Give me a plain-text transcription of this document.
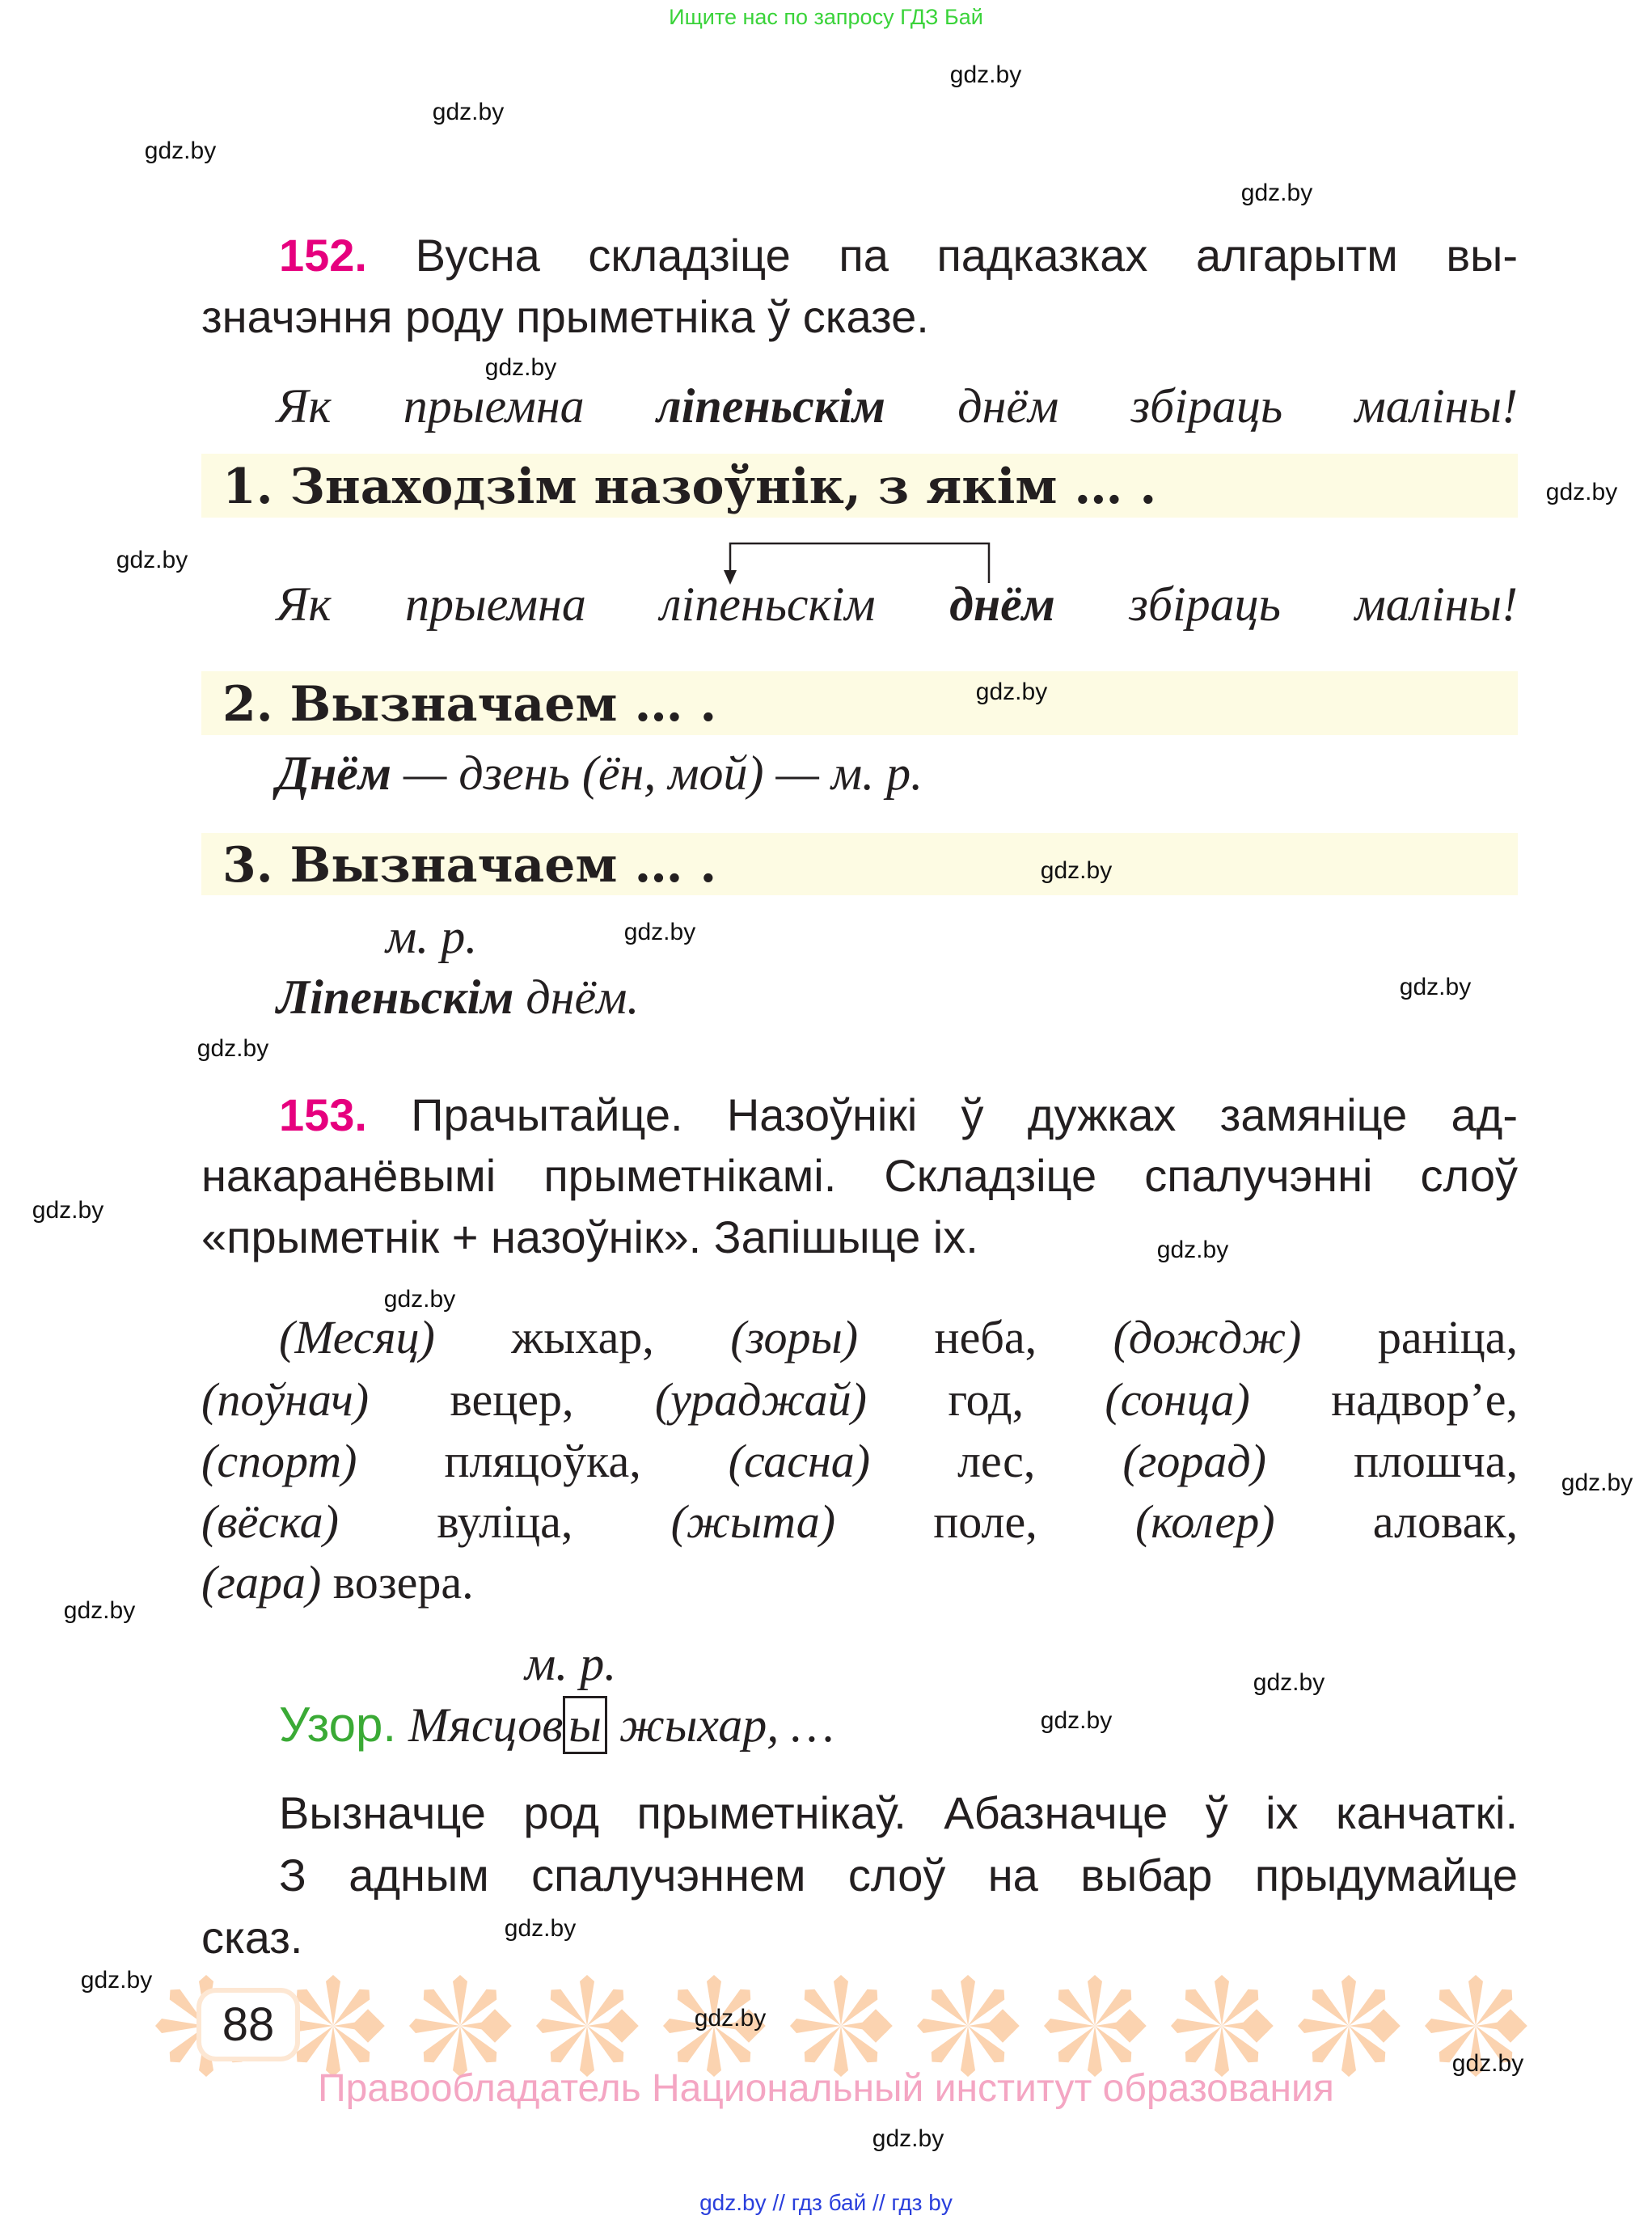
Ищите нас по запросу ГДЗ Бай
152. Вусна складзіце па падказках алгарытм вы-
значэння роду прыметніка ў сказе.
Як прыемна ліпеньскім днём збіраць маліны!
1. Знаходзім назоўнік, з якім … .
Як прыемна ліпеньскім днём збіраць маліны!
2. Вызначаем … .
Днём — дзень (ён, мой) — м. р.
3. Вызначаем … .
м. р.
Ліпеньскім днём.
153. Прачытайце. Назоўнікі ў дужках замяніце ад-
накаранёвымі прыметнікамі. Складзіце спалучэнні слоў
«прыметнік + назоўнік». Запішыце іх.
(Месяц) жыхар, (зоры) неба, (дождж) раніца,
(поўнач) вецер, (ураджай) год, (сонца) надвор’е,
(спорт) пляцоўка, (сасна) лес, (горад) плошча,
(вёска) вуліца, (жыта) поле, (колер) аловак,
(гара) возера.
м. р.
Узор. Мясцов ы жыхар, …
Вызначце род прыметнікаў. Абазначце ў іх канчаткі.
З адным спалучэннем слоў на выбар прыдумайце
сказ.
88
Правообладатель Национальный институт образования
gdz.by // гдз бай // гдз by
gdz.by
gdz.by
gdz.by
gdz.by
gdz.by
gdz.by
gdz.by
gdz.by
gdz.by
gdz.by
gdz.by
gdz.by
gdz.by
gdz.by
gdz.by
gdz.by
gdz.by
gdz.by
gdz.by
gdz.by
gdz.by
gdz.by
gdz.by
gdz.by
